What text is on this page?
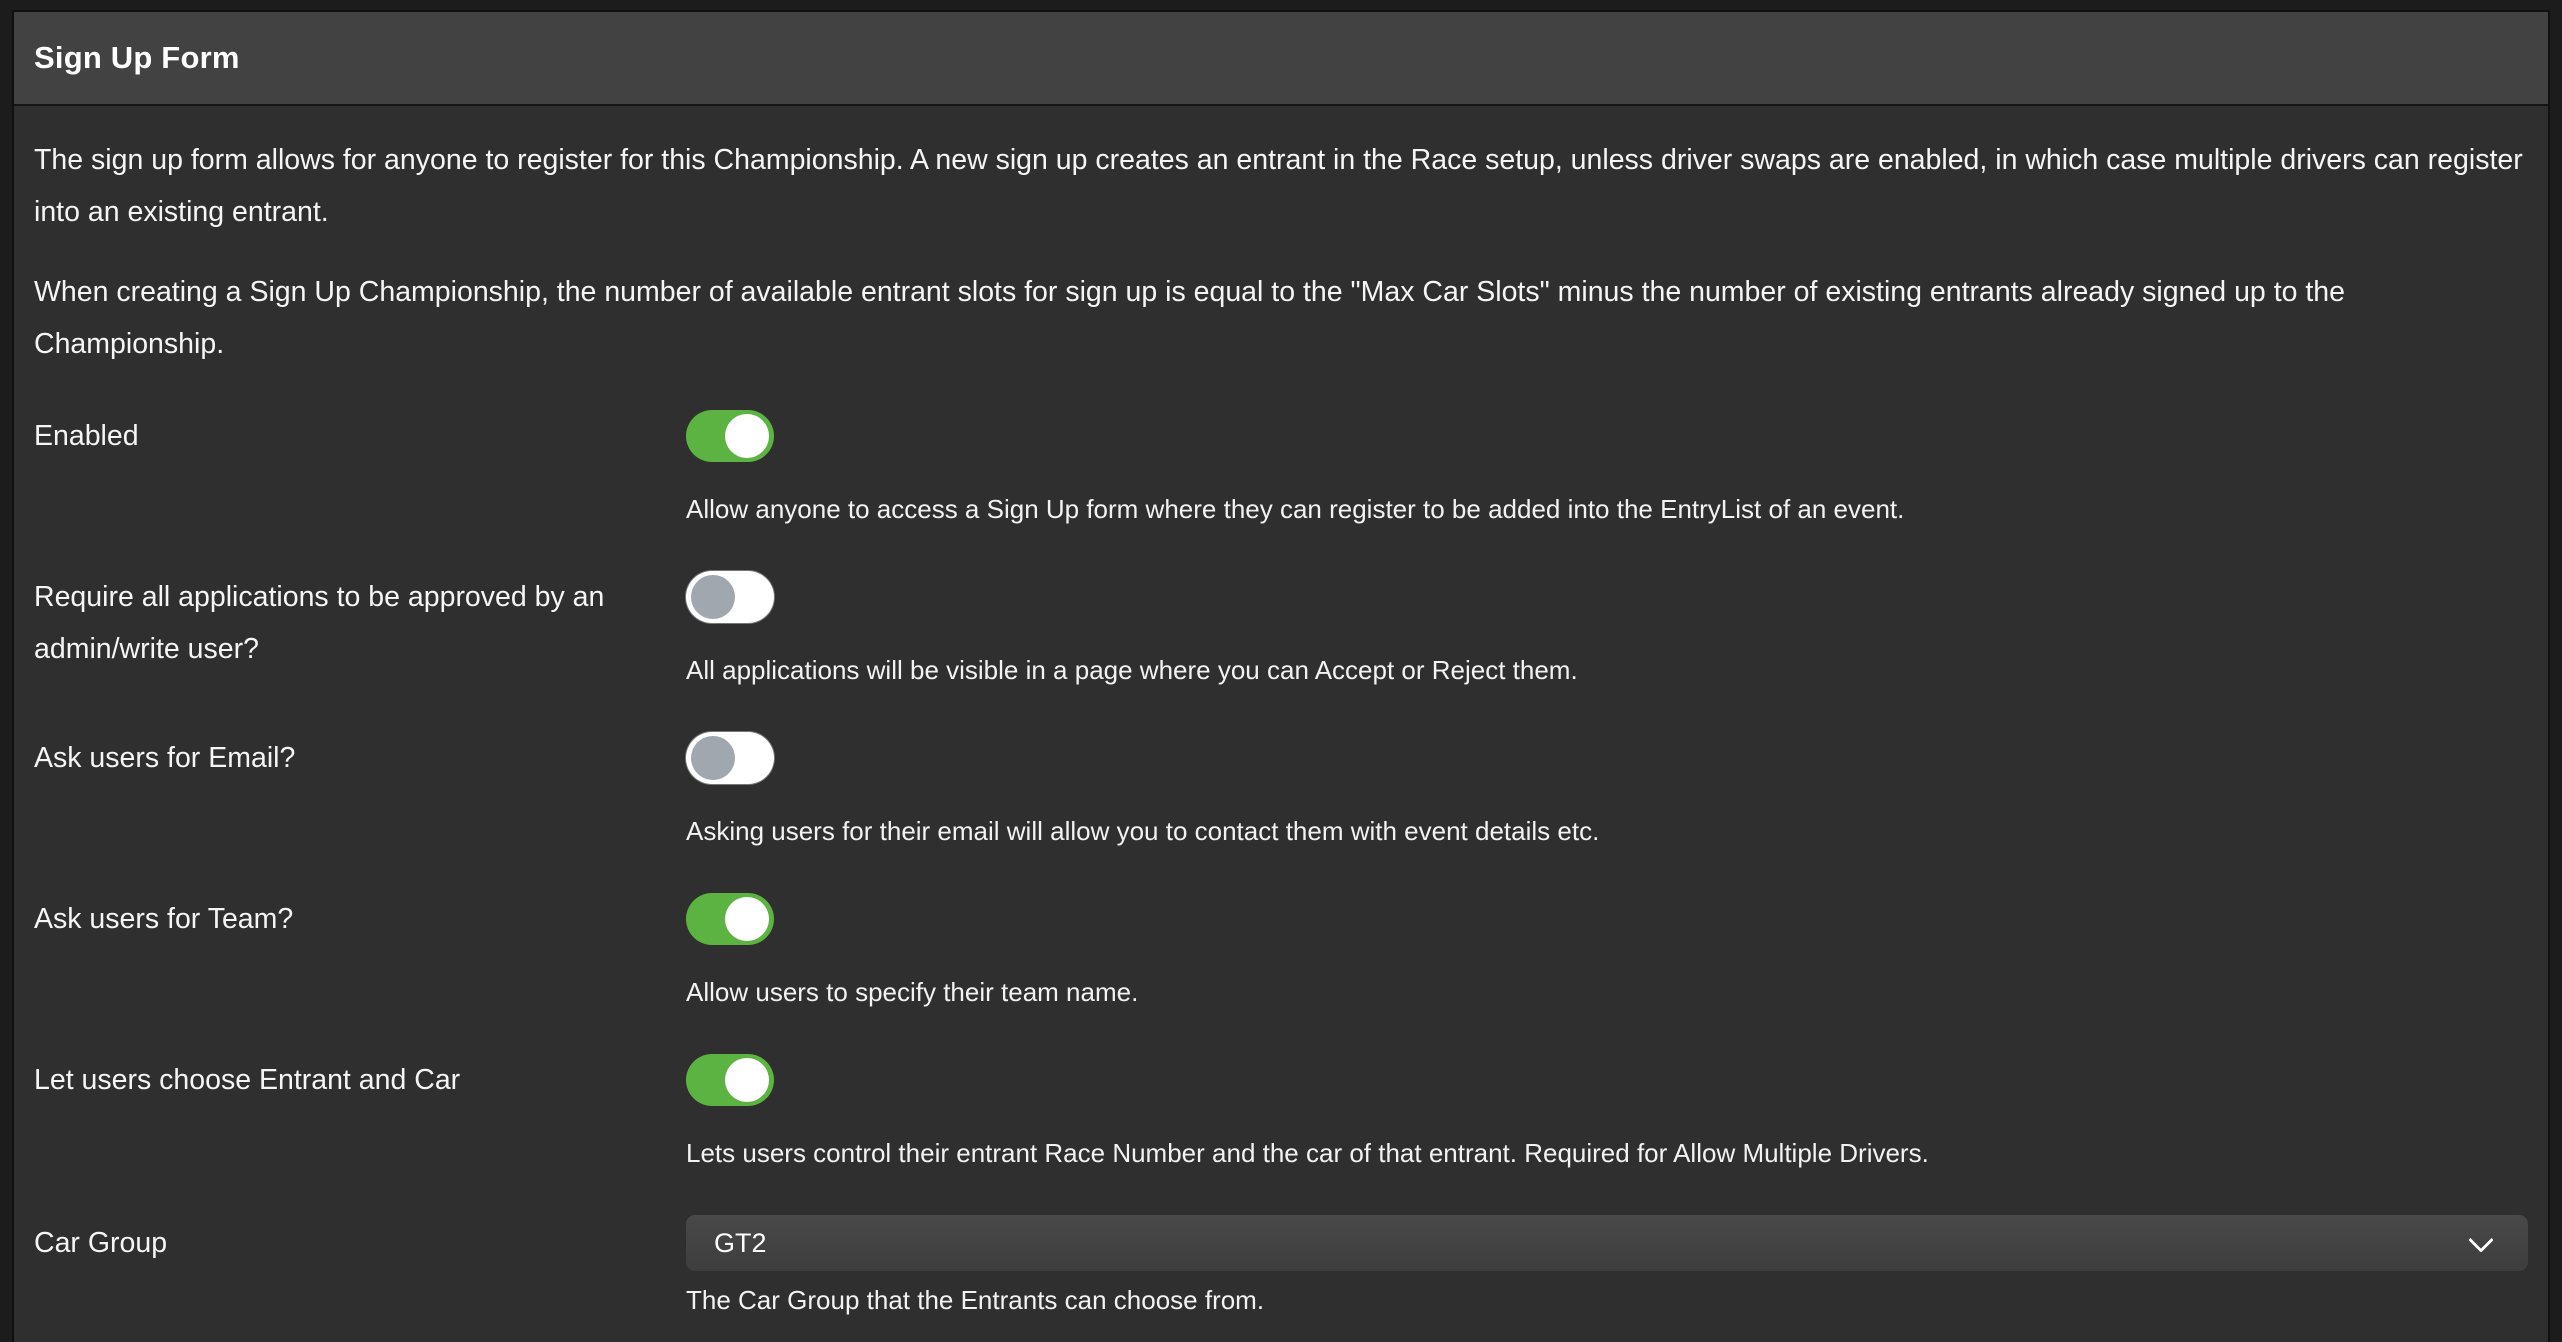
Sign Up Form

The sign up form allows for anyone to register for this Championship. A new sign up creates an entrant in the Race setup, unless driver swaps are enabled, in which case multiple drivers can register into an existing entrant.

When creating a Sign Up Championship, the number of available entrant slots for sign up is equal to the "Max Car Slots" minus the number of existing entrants already signed up to the Championship.

Enabled
Allow anyone to access a Sign Up form where they can register to be added into the EntryList of an event.
Require all applications to be approved by an admin/write user?
All applications will be visible in a page where you can Accept or Reject them.
Ask users for Email?
Asking users for their email will allow you to contact them with event details etc.
Ask users for Team?
Allow users to specify their team name.
Let users choose Entrant and Car
Lets users control their entrant Race Number and the car of that entrant. Required for Allow Multiple Drivers.
Car Group	GT2
The Car Group that the Entrants can choose from.
